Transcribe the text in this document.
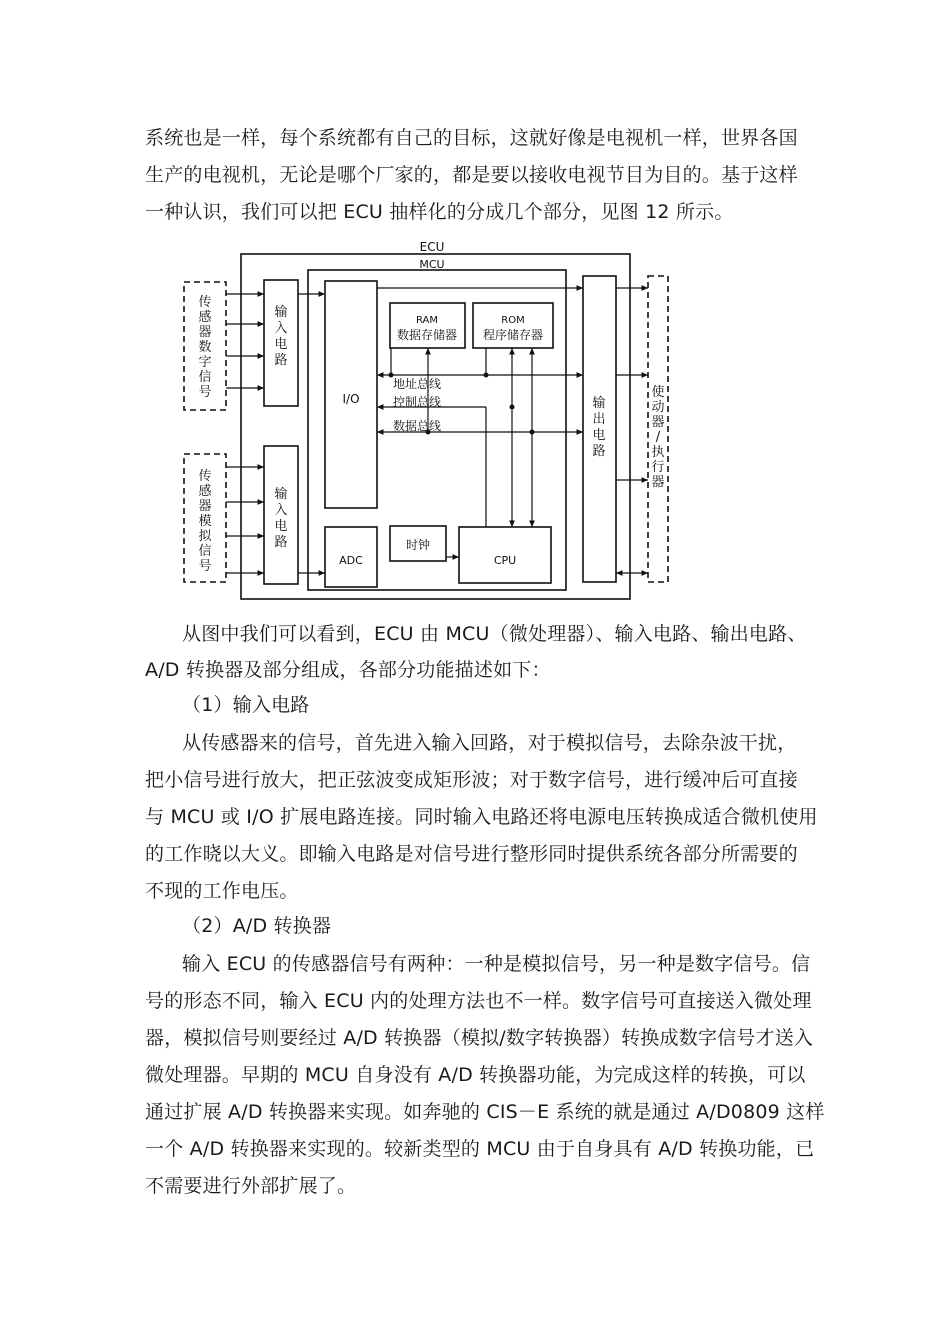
系统也是一样，每个系统都有自己的目标，这就好像是电视机一样，世界各国
生产的电视机，无论是哪个厂家的，都是要以接收电视节目为目的。基于这样
一种认识，我们可以把 ECU 抽样化的分成几个部分，见图 12 所示。
ECU
MCU
传
感
器
数
字
信
号
传
感
器
模
拟
信
号
输
入
电
路
输
入
电
路
输
出
电
路
使
动
器
/
执
行
器
I/O
RAM
数据存储器
ROM
程序储存器
地址总线
控制总线
数据总线
ADC
时钟
CPU
从图中我们可以看到，ECU 由 MCU（微处理器）、输入电路、输出电路、
A/D 转换器及部分组成，各部分功能描述如下：
（1）输入电路
从传感器来的信号，首先进入输入回路，对于模拟信号，去除杂波干扰，
把小信号进行放大，把正弦波变成矩形波；对于数字信号，进行缓冲后可直接
与 MCU 或 I/O 扩展电路连接。同时输入电路还将电源电压转换成适合微机使用
的工作晓以大义。即输入电路是对信号进行整形同时提供系统各部分所需要的
不现的工作电压。
（2）A/D 转换器
输入 ECU 的传感器信号有两种：一种是模拟信号，另一种是数字信号。信
号的形态不同，输入 ECU 内的处理方法也不一样。数字信号可直接送入微处理
器，模拟信号则要经过 A/D 转换器（模拟/数字转换器）转换成数字信号才送入
微处理器。早期的 MCU 自身没有 A/D 转换器功能，为完成这样的转换，可以
通过扩展 A/D 转换器来实现。如奔驰的 CIS－E 系统的就是通过 A/D0809 这样
一个 A/D 转换器来实现的。较新类型的 MCU 由于自身具有 A/D 转换功能，已
不需要进行外部扩展了。
